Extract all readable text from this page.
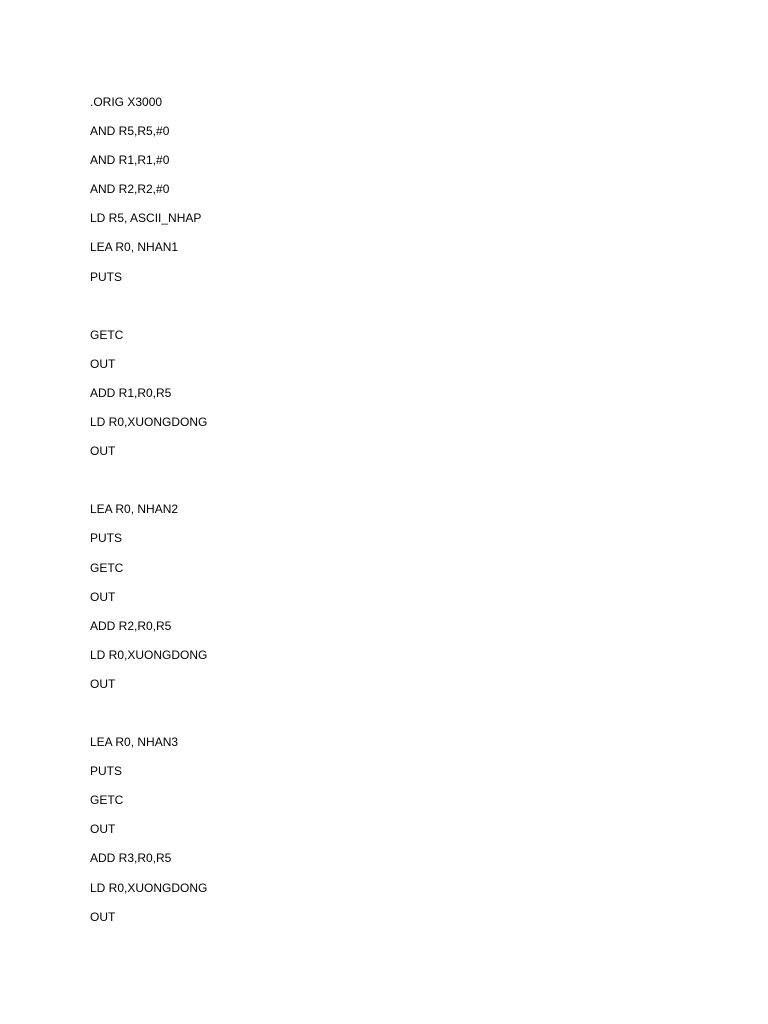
.ORIG X3000
AND R5,R5,#0
AND R1,R1,#0
AND R2,R2,#0
LD R5, ASCII_NHAP
LEA R0, NHAN1
PUTS
GETC
OUT
ADD R1,R0,R5
LD R0,XUONGDONG
OUT
LEA R0, NHAN2
PUTS
GETC
OUT
ADD R2,R0,R5
LD R0,XUONGDONG
OUT
LEA R0, NHAN3
PUTS
GETC
OUT
ADD R3,R0,R5
LD R0,XUONGDONG
OUT
